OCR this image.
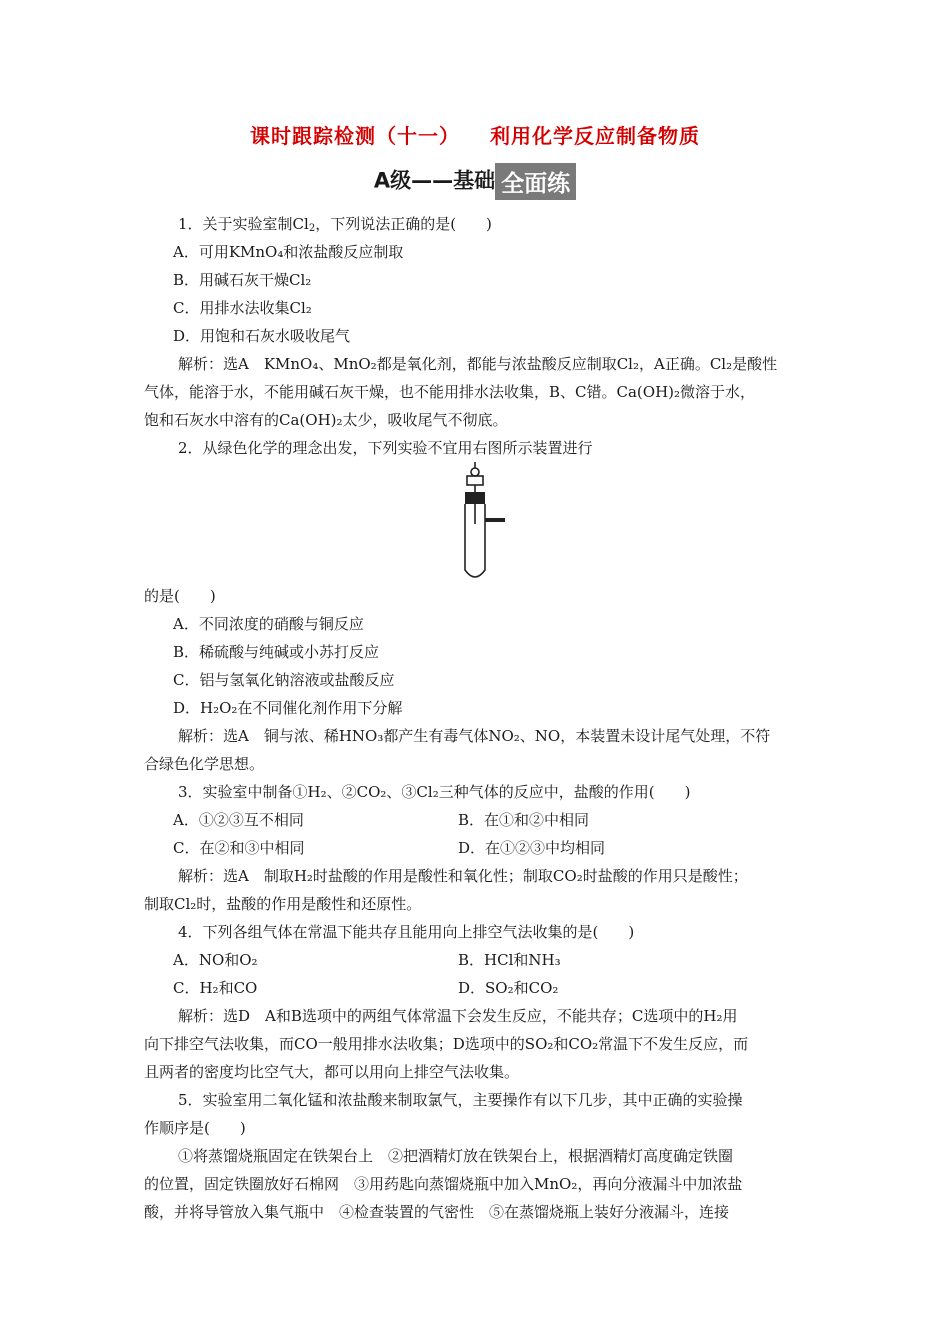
课时跟踪检测（十一） 利用化学反应制备物质
A级——基础 全面练
1．关于实验室制$Cl_2$，下列说法正确的是(　　)
A．可用KMnO₄和浓盐酸反应制取
B．用碱石灰干燥Cl₂
C．用排水法收集Cl₂
D．用饱和石灰水吸收尾气
解析：选A　KMnO₄、MnO₂都是氧化剂，都能与浓盐酸反应制取Cl₂，A正确。Cl₂是酸性
气体，能溶于水，不能用碱石灰干燥，也不能用排水法收集，B、C错。Ca(OH)₂微溶于水，
饱和石灰水中溶有的Ca(OH)₂太少，吸收尾气不彻底。
2．从绿色化学的理念出发，下列实验不宜用右图所示装置进行
的是(　　)
A．不同浓度的硝酸与铜反应
B．稀硫酸与纯碱或小苏打反应
C．铝与氢氧化钠溶液或盐酸反应
D．H₂O₂在不同催化剂作用下分解
解析：选A　铜与浓、稀HNO₃都产生有毒气体NO₂、NO，本装置未设计尾气处理，不符
合绿色化学思想。
3．实验室中制备①H₂、②CO₂、③Cl₂三种气体的反应中，盐酸的作用(　　)
A．①②③互不相同	B．在①和②中相同
C．在②和③中相同	D．在①②③中均相同
解析：选A　制取H₂时盐酸的作用是酸性和氧化性；制取CO₂时盐酸的作用只是酸性；
制取Cl₂时，盐酸的作用是酸性和还原性。
4．下列各组气体在常温下能共存且能用向上排空气法收集的是(　　)
A．NO和O₂	B．HCl和NH₃
C．H₂和CO	D．SO₂和CO₂
解析：选D　A和B选项中的两组气体常温下会发生反应，不能共存；C选项中的H₂用
向下排空气法收集，而CO一般用排水法收集；D选项中的SO₂和CO₂常温下不发生反应，而
且两者的密度均比空气大，都可以用向上排空气法收集。
5．实验室用二氧化锰和浓盐酸来制取氯气，主要操作有以下几步，其中正确的实验操
作顺序是(　　)
①将蒸馏烧瓶固定在铁架台上　②把酒精灯放在铁架台上，根据酒精灯高度确定铁圈
的位置，固定铁圈放好石棉网　③用药匙向蒸馏烧瓶中加入MnO₂，再向分液漏斗中加浓盐
酸，并将导管放入集气瓶中　④检查装置的气密性　⑤在蒸馏烧瓶上装好分液漏斗，连接
